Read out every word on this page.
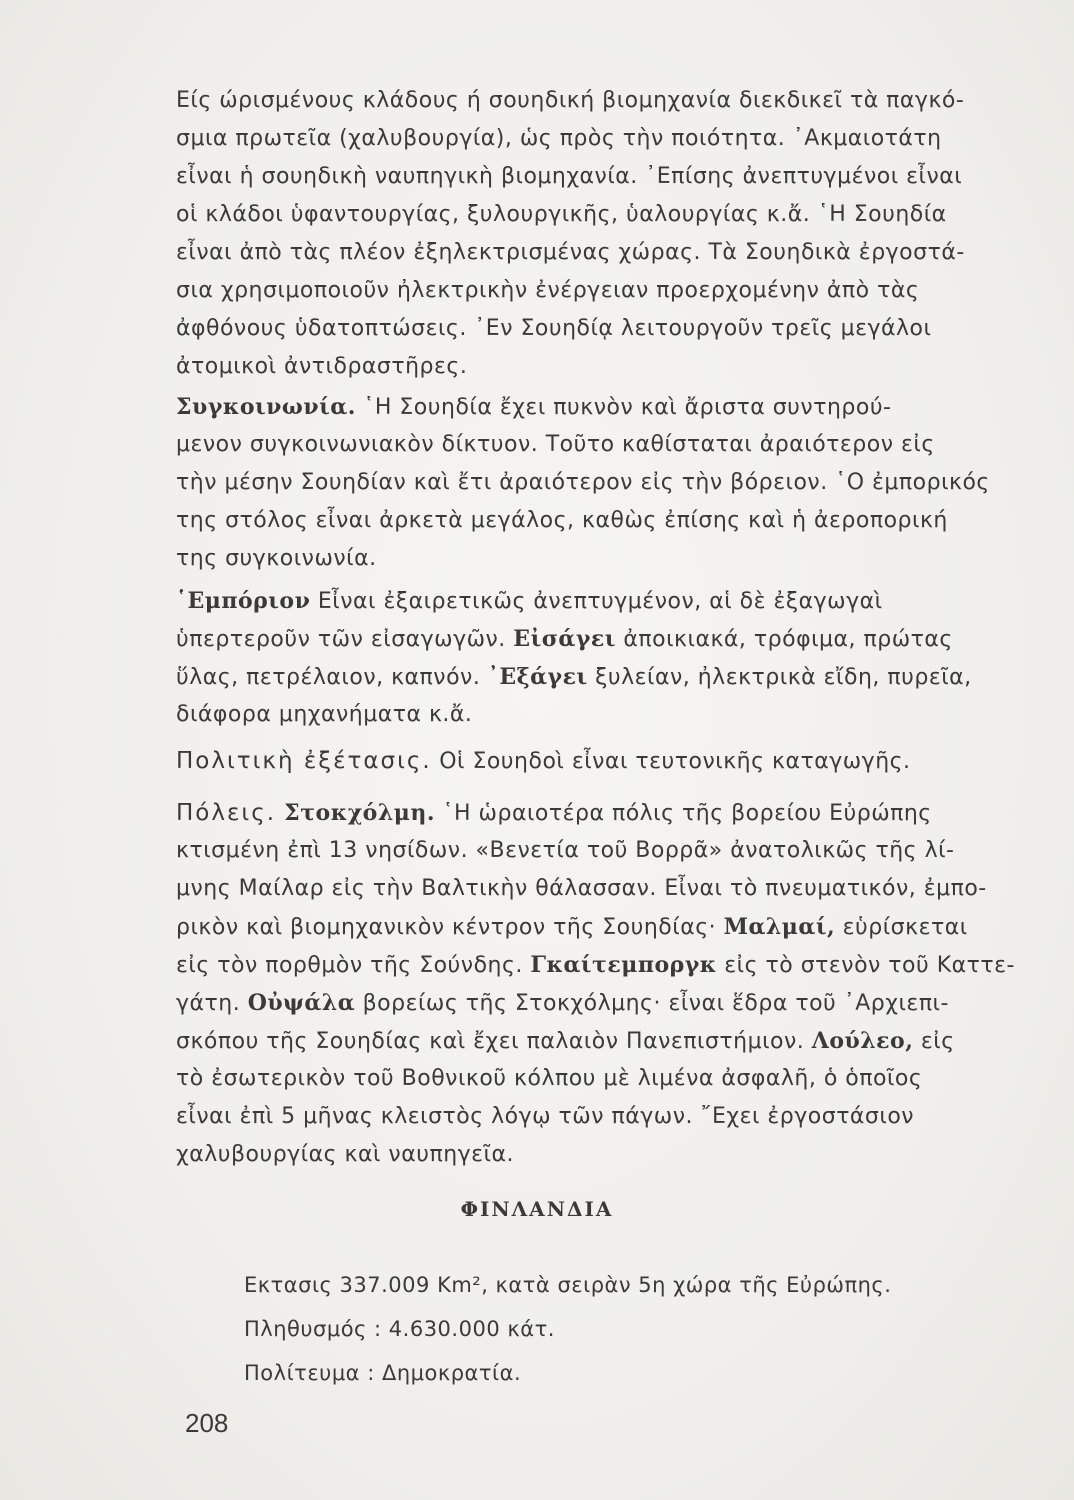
Είς ώρισμένους κλάδους ή σουηδική βιομηχανία διεκδικεῖ τὰ παγκό-
σμια πρωτεῖα (χαλυβουργία), ὡς πρὸς τὴν ποιότητα. ᾿Ακμαιοτάτη
εἶναι ἡ σουηδικὴ ναυπηγικὴ βιομηχανία. ᾿Επίσης ἀνεπτυγμένοι εἶναι
οἱ κλάδοι ὑφαντουργίας, ξυλουργικῆς, ὑαλουργίας κ.ἄ. ῾Η Σουηδία
εἶναι ἀπὸ τὰς πλέον ἐξηλεκτρισμένας χώρας. Τὰ Σουηδικὰ ἐργοστά-
σια χρησιμοποιοῦν ἠλεκτρικὴν ἐνέργειαν προερχομένην ἀπὸ τὰς
ἀφθόνους ὑδατοπτώσεις. ᾿Εν Σουηδίᾳ λειτουργοῦν τρεῖς μεγάλοι
ἀτομικοὶ ἀντιδραστῆρες.
Συγκοινωνία. ῾Η Σουηδία ἔχει πυκνὸν καὶ ἄριστα συντηρού-
μενον συγκοινωνιακὸν δίκτυον. Τοῦτο καθίσταται ἀραιότερον εἰς
τὴν μέσην Σουηδίαν καὶ ἔτι ἀραιότερον εἰς τὴν βόρειον. ῾Ο ἐμπορικός
της στόλος εἶναι ἀρκετὰ μεγάλος, καθὼς ἐπίσης καὶ ἡ ἀεροπορική
της συγκοινωνία.
῾Εμπόριον Εἶναι ἐξαιρετικῶς ἀνεπτυγμένον, αἱ δὲ ἐξαγωγαὶ
ὑπερτεροῦν τῶν εἰσαγωγῶν. Εἰσάγει ἀποικιακά, τρόφιμα, πρώτας
ὕλας, πετρέλαιον, καπνόν. ᾿Εξάγει ξυλείαν, ἠλεκτρικὰ εἴδη, πυρεῖα,
διάφορα μηχανήματα κ.ἄ.
Πολιτικὴ ἐξέτασις. Οἱ Σουηδοὶ εἶναι τευτονικῆς καταγωγῆς.
Πόλεις. Στοκχόλμη. ῾Η ὡραιοτέρα πόλις τῆς βορείου Εὐρώπης
κτισμένη ἐπὶ 13 νησίδων. «Βενετία τοῦ Βορρᾶ» ἀνατολικῶς τῆς λί-
μνης Μαίλαρ εἰς τὴν Βαλτικὴν θάλασσαν. Εἶναι τὸ πνευματικόν, ἐμπο-
ρικὸν καὶ βιομηχανικὸν κέντρον τῆς Σουηδίας· Μαλμαί, εὑρίσκεται
εἰς τὸν πορθμὸν τῆς Σούνδης. Γκαίτεμποργκ εἰς τὸ στενὸν τοῦ Καττε-
γάτη. Οὐψάλα βορείως τῆς Στοκχόλμης· εἶναι ἕδρα τοῦ ᾿Αρχιεπι-
σκόπου τῆς Σουηδίας καὶ ἔχει παλαιὸν Πανεπιστήμιον. Λούλεο, εἰς
τὸ ἐσωτερικὸν τοῦ Βοθνικοῦ κόλπου μὲ λιμένα ἀσφαλῆ, ὁ ὁποῖος
εἶναι ἐπὶ 5 μῆνας κλειστὸς λόγῳ τῶν πάγων. ῎Εχει ἐργοστάσιον
χαλυβουργίας καὶ ναυπηγεῖα.
ΦΙΝΛΑΝΔΙΑ
Εκτασις 337.009 Km², κατὰ σειρὰν 5η χώρα τῆς Εὐρώπης.
Πληθυσμός : 4.630.000 κάτ.
Πολίτευμα : Δημοκρατία.
208
